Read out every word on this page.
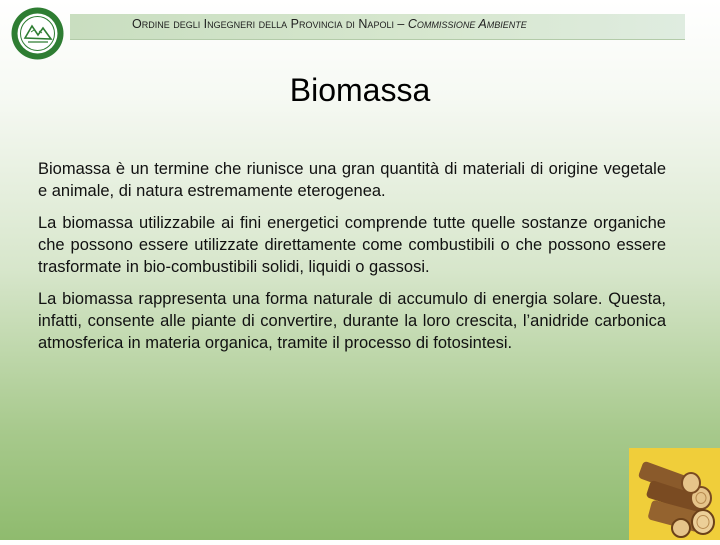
Ordine degli Ingegneri della Provincia di Napoli – Commissione Ambiente
Biomassa

Biomassa è un termine che riunisce una gran quantità di materiali di origine vegetale e animale, di natura estremamente eterogenea.

La biomassa utilizzabile ai fini energetici comprende tutte quelle sostanze organiche che possono essere utilizzate direttamente come combustibili o che possono essere trasformate in bio-combustibili solidi, liquidi o gassosi.

La biomassa rappresenta una forma naturale di accumulo di energia solare. Questa, infatti, consente alle piante di convertire, durante la loro crescita, l’anidride carbonica atmosferica in materia organica, tramite il processo di fotosintesi.
